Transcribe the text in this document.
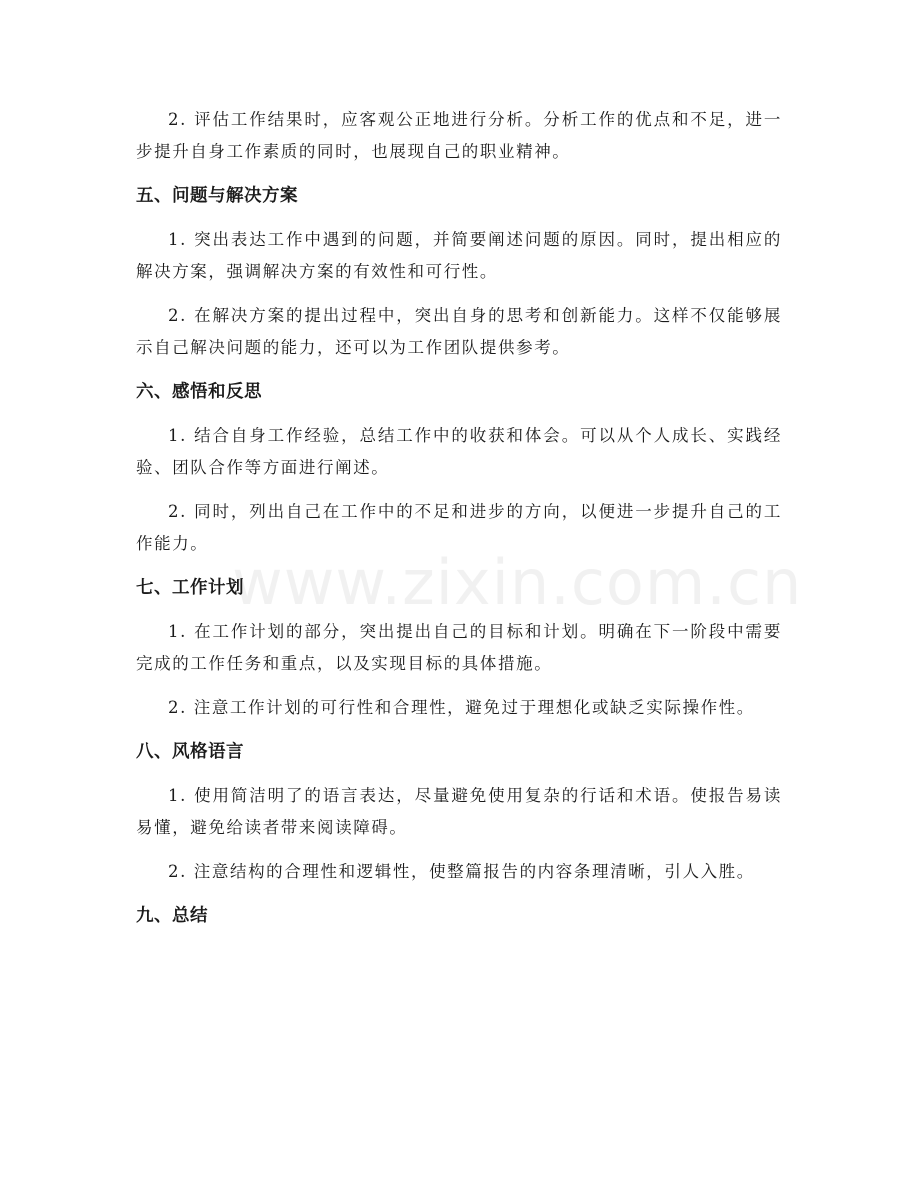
www.zixin.com.cn

2. 评估工作结果时，应客观公正地进行分析。分析工作的优点和不足，进一步提升自身工作素质的同时，也展现自己的职业精神。

五、问题与解决方案

1. 突出表达工作中遇到的问题，并简要阐述问题的原因。同时，提出相应的解决方案，强调解决方案的有效性和可行性。

2. 在解决方案的提出过程中，突出自身的思考和创新能力。这样不仅能够展示自己解决问题的能力，还可以为工作团队提供参考。

六、感悟和反思

1. 结合自身工作经验，总结工作中的收获和体会。可以从个人成长、实践经验、团队合作等方面进行阐述。

2. 同时，列出自己在工作中的不足和进步的方向，以便进一步提升自己的工作能力。

七、工作计划

1. 在工作计划的部分，突出提出自己的目标和计划。明确在下一阶段中需要完成的工作任务和重点，以及实现目标的具体措施。

2. 注意工作计划的可行性和合理性，避免过于理想化或缺乏实际操作性。

八、风格语言

1. 使用简洁明了的语言表达，尽量避免使用复杂的行话和术语。使报告易读易懂，避免给读者带来阅读障碍。

2. 注意结构的合理性和逻辑性，使整篇报告的内容条理清晰，引人入胜。

九、总结
